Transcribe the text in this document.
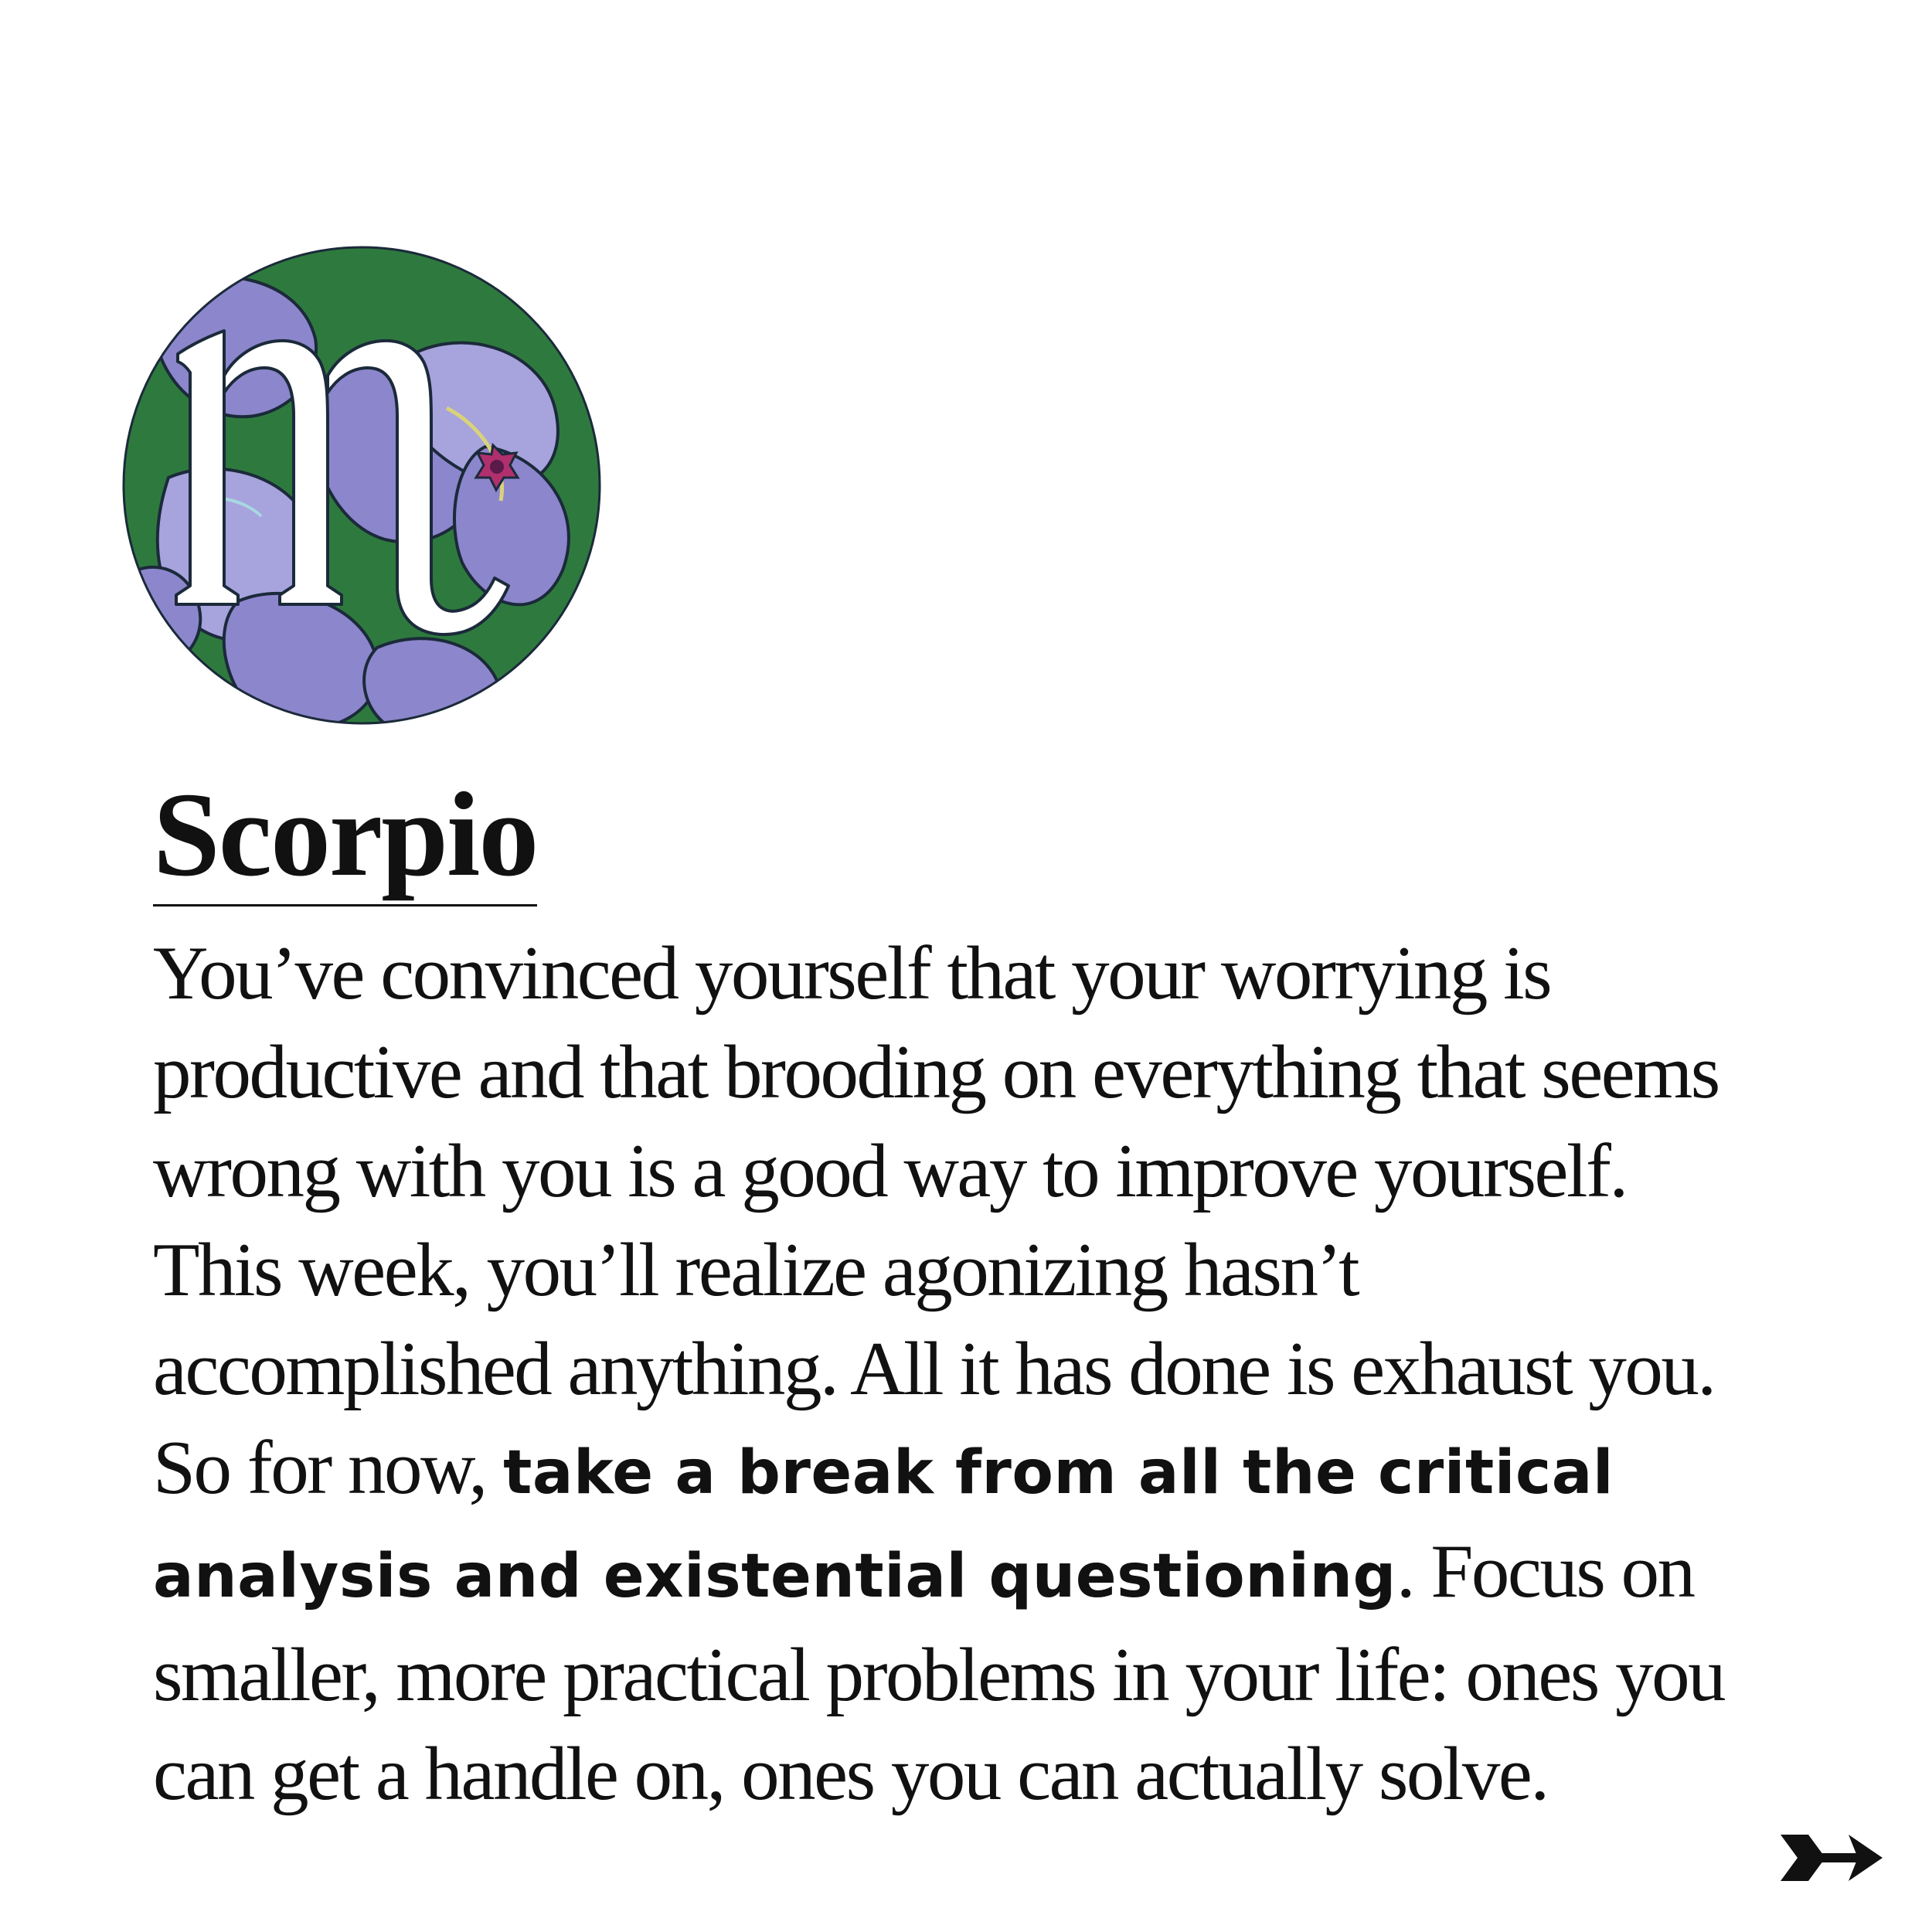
Scorpio

You’ve convinced yourself that your worrying is productive and that brooding on everything that seems wrong with you is a good way to improve yourself. This week, you’ll realize agonizing hasn’t accomplished anything. All it has done is exhaust you. So for now, take a break from all the critical analysis and existential questioning. Focus on smaller, more practical problems in your life: ones you can get a handle on, ones you can actually solve.
